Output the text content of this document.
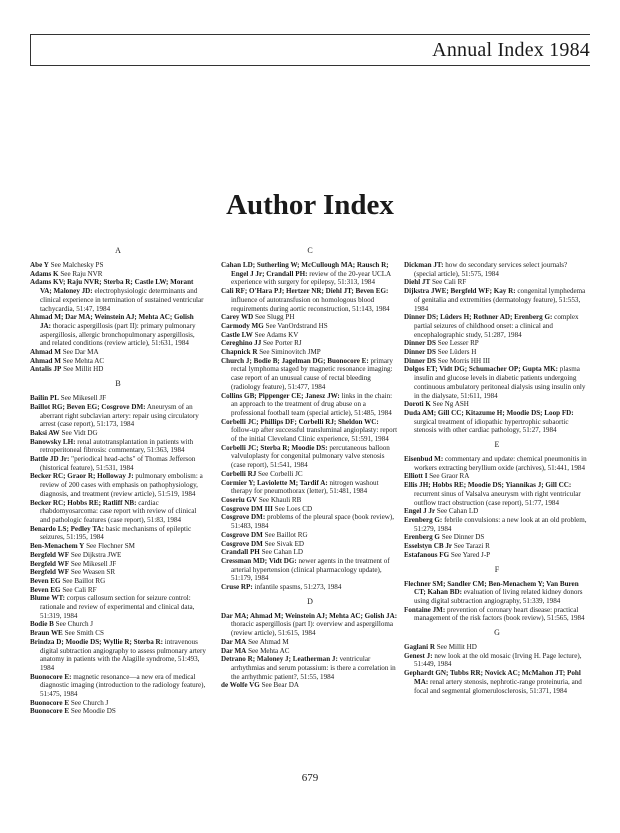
Annual Index 1984
Author Index
A

Abe Y See Malchesky PS

Adams K See Raju NVR

Adams KV; Raju NVR; Sterba R; Castle LW; Morant VA; Maloney JD: electrophysiologic determinants and clinical experience in termination of sustained ventricular tachycardia, 51:47, 1984

Ahmad M; Dar MA; Weinstein AJ; Mehta AC; Golish JA: thoracic aspergillosis (part II): primary pulmonary aspergillosis, allergic bronchopulmonary aspergillosis, and related conditions (review article), 51:631, 1984

Ahmad M See Dar MA

Ahmad M See Mehta AC

Antalis JP See Millit HD

B

Bailin PL See Mikesell JF

Baillot RG; Beven EG; Cosgrove DM: Aneurysm of an aberrant right subclavian artery: repair using circulatory arrest (case report), 51:173, 1984

Baksi AW See Vidt DG

Banowsky LH: renal autotransplantation in patients with retroperitoneal fibrosis: commentary, 51:363, 1984

Battle JD Jr: "periodical head-achs" of Thomas Jefferson (historical feature), 51:531, 1984

Becker RC; Graor R; Holloway J: pulmonary embolism: a review of 200 cases with emphasis on pathophysiology, diagnosis, and treatment (review article), 51:519, 1984

Becker RC; Hobbs RE; Ratliff NB: cardiac rhabdomyosarcoma: case report with review of clinical and pathologic features (case report), 51:83, 1984

Benardo LS; Pedley TA: basic mechanisms of epileptic seizures, 51:195, 1984

Ben-Menachem Y See Flechner SM

Bergfeld WF See Dijkstra JWE

Bergfeld WF See Mikesell JF

Bergfeld WF See Weasen SR

Beven EG See Baillot RG

Beven EG See Cali RF

Blume WT: corpus callosum section for seizure control: rationale and review of experimental and clinical data, 51:319, 1984

Bodie B See Church J

Braun WE See Smith CS

Brindza D; Moodie DS; Wyllie R; Sterba R: intravenous digital subtraction angiography to assess pulmonary artery anatomy in patients with the Alagille syndrome, 51:493, 1984

Buonocore E: magnetic resonance—a new era of medical diagnostic imaging (introduction to the radiology feature), 51:475, 1984

Buonocore E See Church J

Buonocore E See Moodie DS

C

Cahan LD; Sutherling W; McCullough MA; Rausch R; Engel J Jr; Crandall PH: review of the 20-year UCLA experience with surgery for epilepsy, 51:313, 1984

Cali RF; O'Hara PJ; Hertzer NR; Diehl JT; Beven EG: influence of autotransfusion on homologous blood requirements during aortic reconstruction, 51:143, 1984

Carey WD See Slugg PH

Carmody MG See VanOrdstrand HS

Castle LW See Adams KV

Cereghino JJ See Porter RJ

Chapnick R See Siminovitch JMP

Church J; Bodie B; Jagelman DG; Buonocore E: primary rectal lymphoma staged by magnetic resonance imaging: case report of an unusual cause of rectal bleeding (radiology feature), 51:477, 1984

Collins GB; Pippenger CE; Janesz JW: links in the chain: an approach to the treatment of drug abuse on a professional football team (special article), 51:485, 1984

Corbelli JC; Phillips DF; Corbelli RJ; Sheldon WC: follow-up after successful transluminal angioplasty: report of the initial Cleveland Clinic experience, 51:591, 1984

Corbelli JC; Sterba R; Moodie DS: percutaneous balloon valvuloplasty for congenital pulmonary valve stenosis (case report), 51:541, 1984

Corbelli RJ See Corbelli JC

Cormier Y; Laviolette M; Tardif A: nitrogen washout therapy for pneumothorax (letter), 51:481, 1984

Coseriu GV See Khauli RB

Cosgrove DM III See Loes CD

Cosgrove DM: problems of the pleural space (book review), 51:483, 1984

Cosgrove DM See Baillot RG

Cosgrove DM See Sivak ED

Crandall PH See Cahan LD

Cressman MD; Vidt DG: newer agents in the treatment of arterial hypertension (clinical pharmacology update), 51:179, 1984

Cruse RP: infantile spasms, 51:273, 1984

D

Dar MA; Ahmad M; Weinstein AJ; Mehta AC; Golish JA: thoracic aspergillosis (part I): overview and aspergilloma (review article), 51:615, 1984

Dar MA See Ahmad M

Dar MA See Mehta AC

Detrano R; Maloney J; Leatherman J: ventricular arrhythmias and serum potassium: is there a correlation in the arrhythmic patient?, 51:55, 1984

de Wolfe VG See Bear DA

Dickman JT: how do secondary services select journals? (special article), 51:575, 1984

Diehl JT See Cali RF

Dijkstra JWE; Bergfeld WF; Kay R: congenital lymphedema of genitalia and extremities (dermatology feature), 51:553, 1984

Dinner DS; Lüders H; Rothner AD; Erenberg G: complex partial seizures of childhood onset: a clinical and encephalographic study, 51:287, 1984

Dinner DS See Lesser RP

Dinner DS See Lüders H

Dinner DS See Morris HH III

Dolgos ET; Vidt DG; Schumacher OP; Gupta MK: plasma insulin and glucose levels in diabetic patients undergoing continuous ambulatory peritoneal dialysis using insulin only in the dialysate, 51:611, 1984

Doroti K See Ng ASH

Duda AM; Gill CC; Kitazume H; Moodie DS; Loop FD: surgical treatment of idiopathic hypertrophic subaortic stenosis with other cardiac pathology, 51:27, 1984

E

Eisenbud M: commentary and update: chemical pneumonitis in workers extracting beryllium oxide (archives), 51:441, 1984

Elliott I See Graor RA

Ellis JH; Hobbs RE; Moodie DS; Yiannikas J; Gill CC: recurrent sinus of Valsalva aneurysm with right ventricular outflow tract obstruction (case report), 51:77, 1984

Engel J Jr See Cahan LD

Erenberg G: febrile convulsions: a new look at an old problem, 51:279, 1984

Erenberg G See Dinner DS

Esselstyn CB Jr See Tarazi R

Estafanous FG See Yared J-P

F

Flechner SM; Sandler CM; Ben-Menachem Y; Van Buren CT; Kahan BD: evaluation of living related kidney donors using digital subtraction angiography, 51:339, 1984

Fontaine JM: prevention of coronary heart disease: practical management of the risk factors (book review), 51:565, 1984

G

Gaglani R See Millit HD

Genest J: new look at the old mosaic (Irving H. Page lecture), 51:449, 1984

Gephardt GN; Tubbs RR; Novick AC; McMahon JT; Pohl MA: renal artery stenosis, nephrotic-range proteinuria, and focal and segmental glomerulosclerosis, 51:371, 1984

679
